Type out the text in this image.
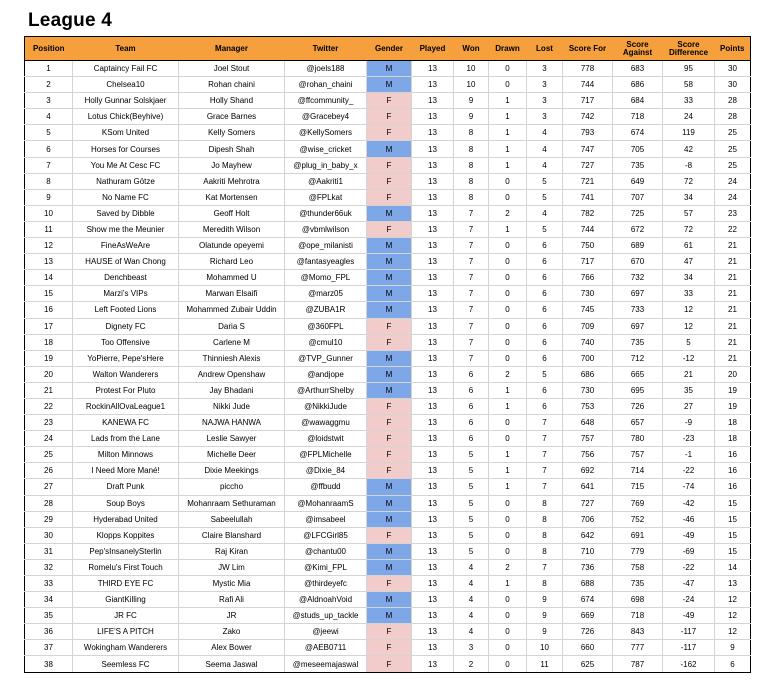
League 4
Position	Team	Manager	Twitter	Gender	Played	Won	Drawn	Lost	Score For	Score Against	Score Difference	Points
1	Captaincy Fail FC	Joel Stout	@joels188	M	13	10	0	3	778	683	95	30
2	Chelsea10	Rohan chaini	@rohan_chaini	M	13	10	0	3	744	686	58	30
3	Holly Gunnar Solskjaer	Holly Shand	@ffcommunity_	F	13	9	1	3	717	684	33	28
4	Lotus Chick(Beyhive)	Grace Barnes	@Gracebey4	F	13	9	1	3	742	718	24	28
5	KSom United	Kelly Somers	@KellySomers	F	13	8	1	4	793	674	119	25
6	Horses for Courses	Dipesh Shah	@wise_cricket	M	13	8	1	4	747	705	42	25
7	You Me At Cesc FC	Jo Mayhew	@plug_in_baby_x	F	13	8	1	4	727	735	-8	25
8	Nathuram Götze	Aakriti Mehrotra	@Aakriti1	F	13	8	0	5	721	649	72	24
9	No Name FC	Kat Mortensen	@FPLkat	F	13	8	0	5	741	707	34	24
10	Saved by Dibble	Geoff Holt	@thunder66uk	M	13	7	2	4	782	725	57	23
11	Show me the Meunier	Meredith Wilson	@vbmlwilson	F	13	7	1	5	744	672	72	22
12	FineAsWeAre	Olatunde opeyemi	@ope_milanisti	M	13	7	0	6	750	689	61	21
13	HAUSE of Wan Chong	Richard Leo	@fantasyeagles	M	13	7	0	6	717	670	47	21
14	Denchbeast	Mohammed U	@Momo_FPL	M	13	7	0	6	766	732	34	21
15	Marzi's VIPs	Marwan Elsaifi	@marz05	M	13	7	0	6	730	697	33	21
16	Left Footed Lions	Mohammed Zubair Uddin	@ZUBA1R	M	13	7	0	6	745	733	12	21
17	Dignety FC	Daria S	@360FPL	F	13	7	0	6	709	697	12	21
18	Too Offensive	Carlene M	@cmul10	F	13	7	0	6	740	735	5	21
19	YoPierre, Pepe'sHere	Thinniesh Alexis	@TVP_Gunner	M	13	7	0	6	700	712	-12	21
20	Walton Wanderers	Andrew Openshaw	@andjope	M	13	6	2	5	686	665	21	20
21	Protest For Pluto	Jay Bhadani	@ArthurrShelby	M	13	6	1	6	730	695	35	19
22	RockinAllOvaLeague1	Nikki Jude	@NikkiJude	F	13	6	1	6	753	726	27	19
23	KANEWA FC	NAJWA HANWA	@wawaggmu	F	13	6	0	7	648	657	-9	18
24	Lads from the Lane	Leslie Sawyer	@loidstwit	F	13	6	0	7	757	780	-23	18
25	Milton Minnows	Michelle Deer	@FPLMichelle	F	13	5	1	7	756	757	-1	16
26	I Need More Mané!	Dixie Meekings	@Dixie_84	F	13	5	1	7	692	714	-22	16
27	Draft Punk	piccho	@ffbudd	M	13	5	1	7	641	715	-74	16
28	Soup Boys	Mohanraam Sethuraman	@MohanraamS	M	13	5	0	8	727	769	-42	15
29	Hyderabad United	Sabeelullah	@imsabeel	M	13	5	0	8	706	752	-46	15
30	Klopps Koppites	Claire Blanshard	@LFCGirl85	F	13	5	0	8	642	691	-49	15
31	Pep'sInsanelySterlin	Raj Kiran	@chantu00	M	13	5	0	8	710	779	-69	15
32	Romelu's First Touch	JW Lim	@Kimi_FPL	M	13	4	2	7	736	758	-22	14
33	THIRD EYE FC	Mystic Mia	@thirdeyefc	F	13	4	1	8	688	735	-47	13
34	GiantKilling	Rafi Ali	@AldnoahVoid	M	13	4	0	9	674	698	-24	12
35	JR FC	JR	@studs_up_tackle	M	13	4	0	9	669	718	-49	12
36	LIFE'S A PITCH	Zako	@jeewi	F	13	4	0	9	726	843	-117	12
37	Wokingham Wanderers	Alex Bower	@AEB0711	F	13	3	0	10	660	777	-117	9
38	Seemless FC	Seema Jaswal	@meseemajaswal	F	13	2	0	11	625	787	-162	6
